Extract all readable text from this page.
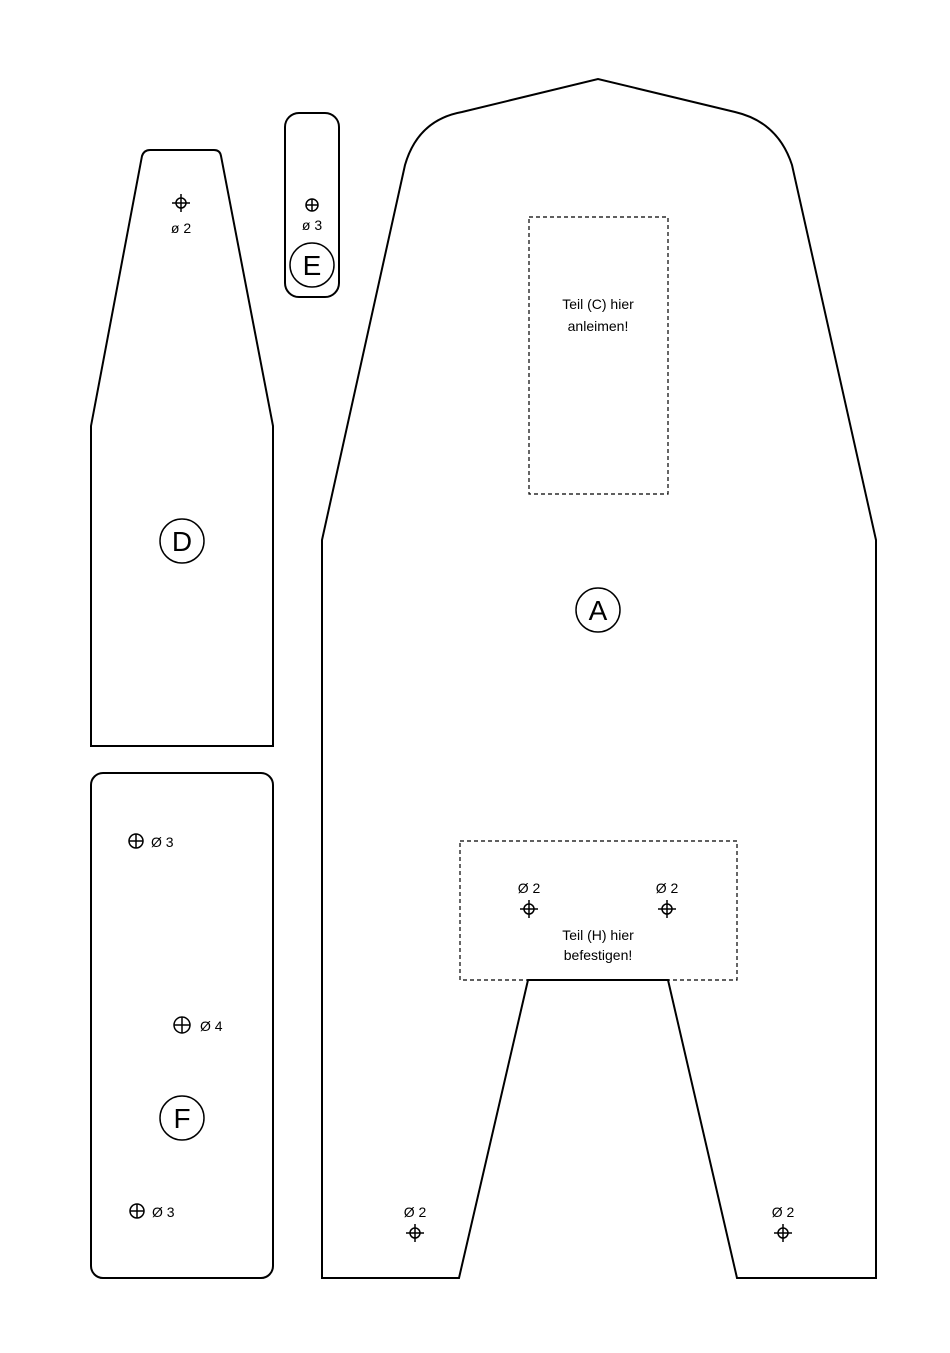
Teil (C) hier
anleimen!
A
Teil (H) hier
befestigen!
Ø 2	Ø 2
Ø 2	Ø 2
ø 2
D
ø 3
E
Ø 3
Ø 4
F
Ø 3
